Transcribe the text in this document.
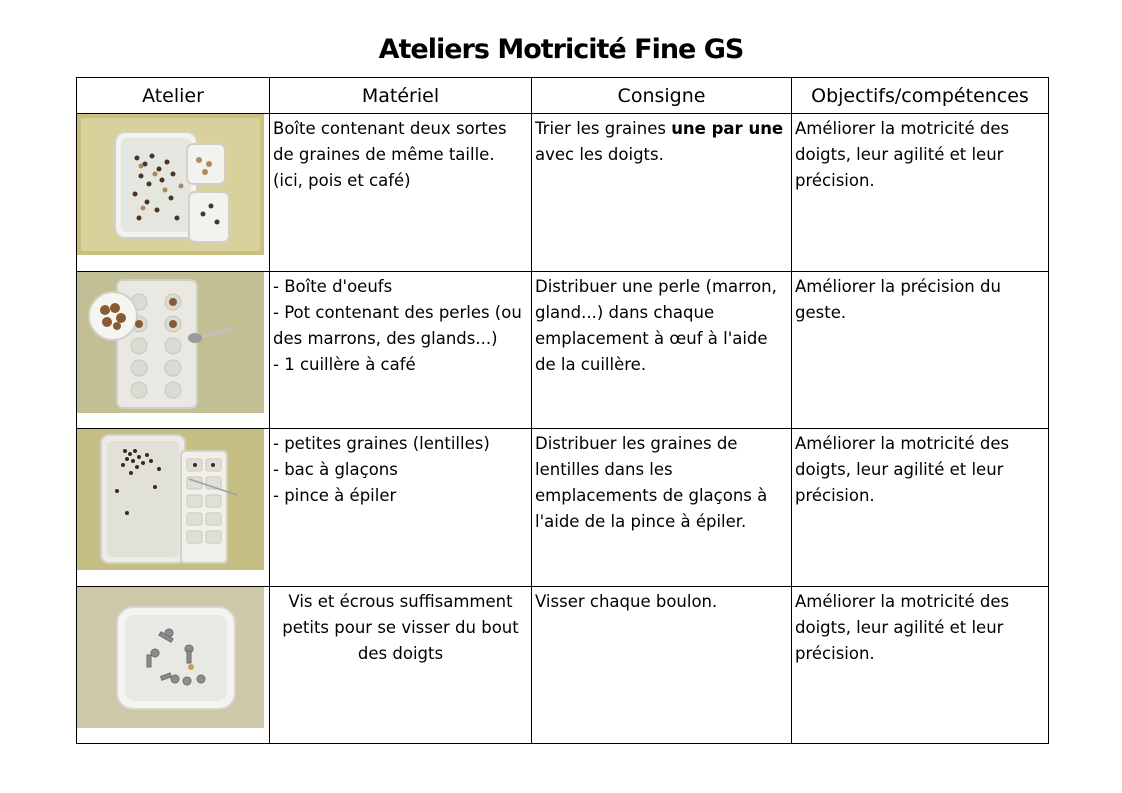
Ateliers Motricité Fine GS
Atelier	Matériel	Consigne	Objectifs/compétences

Boîte contenant deux sortes de graines de même taille. (ici, pois et café)	Trier les graines une par une avec les doigts.	Améliorer la motricité des doigts, leur agilité et leur précision.

- Boîte d'oeufs
- Pot contenant des perles (ou des marrons, des glands...)
- 1 cuillère à café	Distribuer une perle (marron, gland...) dans chaque emplacement à œuf à l'aide de la cuillère.	Améliorer la précision du geste.

- petites graines (lentilles)
- bac à glaçons
- pince à épiler	Distribuer les graines de lentilles dans les emplacements de glaçons à l'aide de la pince à épiler.	Améliorer la motricité des doigts, leur agilité et leur précision.

Vis et écrous suffisamment petits pour se visser du bout des doigts	Visser chaque boulon.	Améliorer la motricité des doigts, leur agilité et leur précision.
